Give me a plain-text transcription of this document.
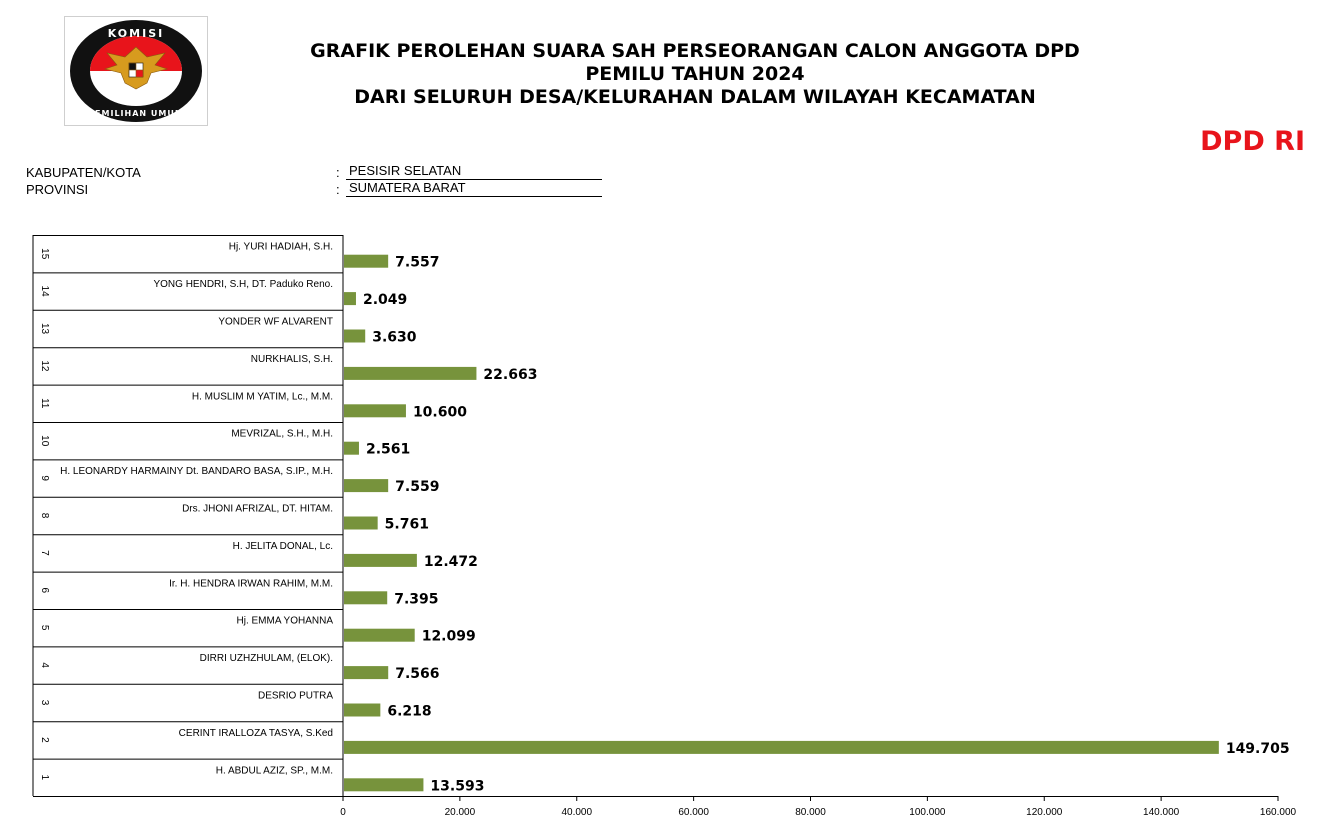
KOMISI
PEMILIHAN UMUM
GRAFIK PEROLEHAN SUARA SAH PERSEORANGAN CALON ANGGOTA DPD
PEMILU TAHUN 2024
DARI SELURUH DESA/KELURAHAN DALAM WILAYAH KECAMATAN
DPD RI
KABUPATEN/KOTA	: PESISIR SELATAN
PROVINSI	: SUMATERA BARAT
1
H. ABDUL AZIZ, SP., M.M.
13.593
2
CERINT IRALLOZA TASYA, S.Ked
149.705
3
DESRIO PUTRA
6.218
4
DIRRI UZHZHULAM, (ELOK).
7.566
5
Hj. EMMA YOHANNA
12.099
6
Ir. H. HENDRA IRWAN RAHIM, M.M.
7.395
7
H. JELITA DONAL, Lc.
12.472
8
Drs. JHONI AFRIZAL, DT. HITAM.
5.761
9
H. LEONARDY HARMAINY Dt. BANDARO BASA, S.IP., M.H.
7.559
10
MEVRIZAL, S.H., M.H.
2.561
11
H. MUSLIM M YATIM, Lc., M.M.
10.600
12
NURKHALIS, S.H.
22.663
13
YONDER WF ALVARENT
3.630
14
YONG HENDRI, S.H, DT. Paduko Reno.
2.049
15
Hj. YURI HADIAH, S.H.
7.557
0	20.000	40.000	60.000	80.000	100.000	120.000	140.000	160.000
